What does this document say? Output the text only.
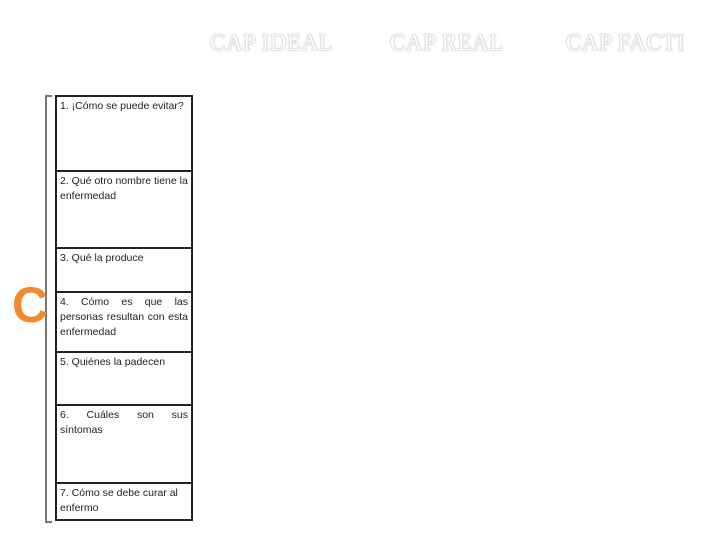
CAP IDEAL CAP REAL	CAP FACTI
C
1. ¡Cómo se puede evitar?
2. Qué otro nombre tiene la enfermedad
3. Qué la produce
4. Cómo es que las personas resultan con esta enfermedad
5. Quiénes la padecen
6. Cuáles son sus síntomas
7. Cómo se debe curar al enfermo
